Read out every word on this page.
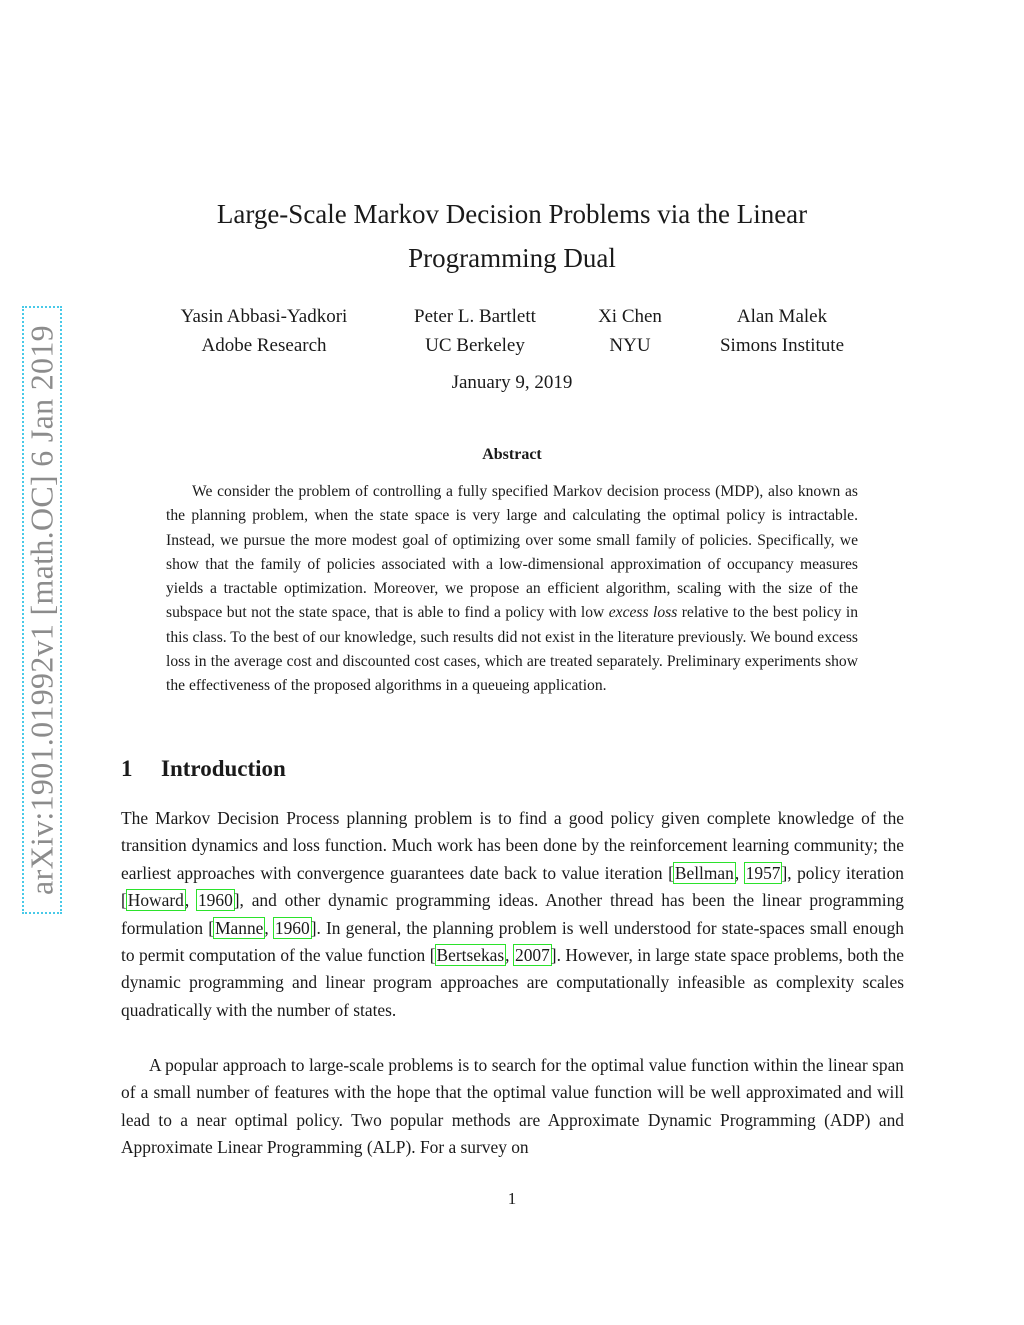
arXiv:1901.01992v1 [math.OC] 6 Jan 2019
Large-Scale Markov Decision Problems via the Linear Programming Dual
Yasin Abbasi-Yadkori
Adobe Research
Peter L. Bartlett
UC Berkeley
Xi Chen
NYU
Alan Malek
Simons Institute
January 9, 2019
Abstract

We consider the problem of controlling a fully specified Markov decision process (MDP), also known as the planning problem, when the state space is very large and calculating the optimal policy is intractable. Instead, we pursue the more modest goal of optimizing over some small family of policies. Specifically, we show that the family of policies associated with a low-dimensional approximation of occupancy measures yields a tractable optimization. Moreover, we propose an efficient algorithm, scaling with the size of the subspace but not the state space, that is able to find a policy with low excess loss relative to the best policy in this class. To the best of our knowledge, such results did not exist in the literature previously. We bound excess loss in the average cost and discounted cost cases, which are treated separately. Preliminary experiments show the effectiveness of the proposed algorithms in a queueing application.

1 Introduction

The Markov Decision Process planning problem is to find a good policy given complete knowledge of the transition dynamics and loss function. Much work has been done by the reinforcement learning community; the earliest approaches with convergence guarantees date back to value iteration [Bellman, 1957], policy iteration [Howard, 1960], and other dynamic programming ideas. Another thread has been the linear programming formulation [Manne, 1960]. In general, the planning problem is well understood for state-spaces small enough to permit computation of the value function [Bertsekas, 2007]. However, in large state space problems, both the dynamic programming and linear program approaches are computationally infeasible as complexity scales quadratically with the number of states.

A popular approach to large-scale problems is to search for the optimal value function within the linear span of a small number of features with the hope that the optimal value function will be well approximated and will lead to a near optimal policy. Two popular methods are Approximate Dynamic Programming (ADP) and Approximate Linear Programming (ALP). For a survey on

1
